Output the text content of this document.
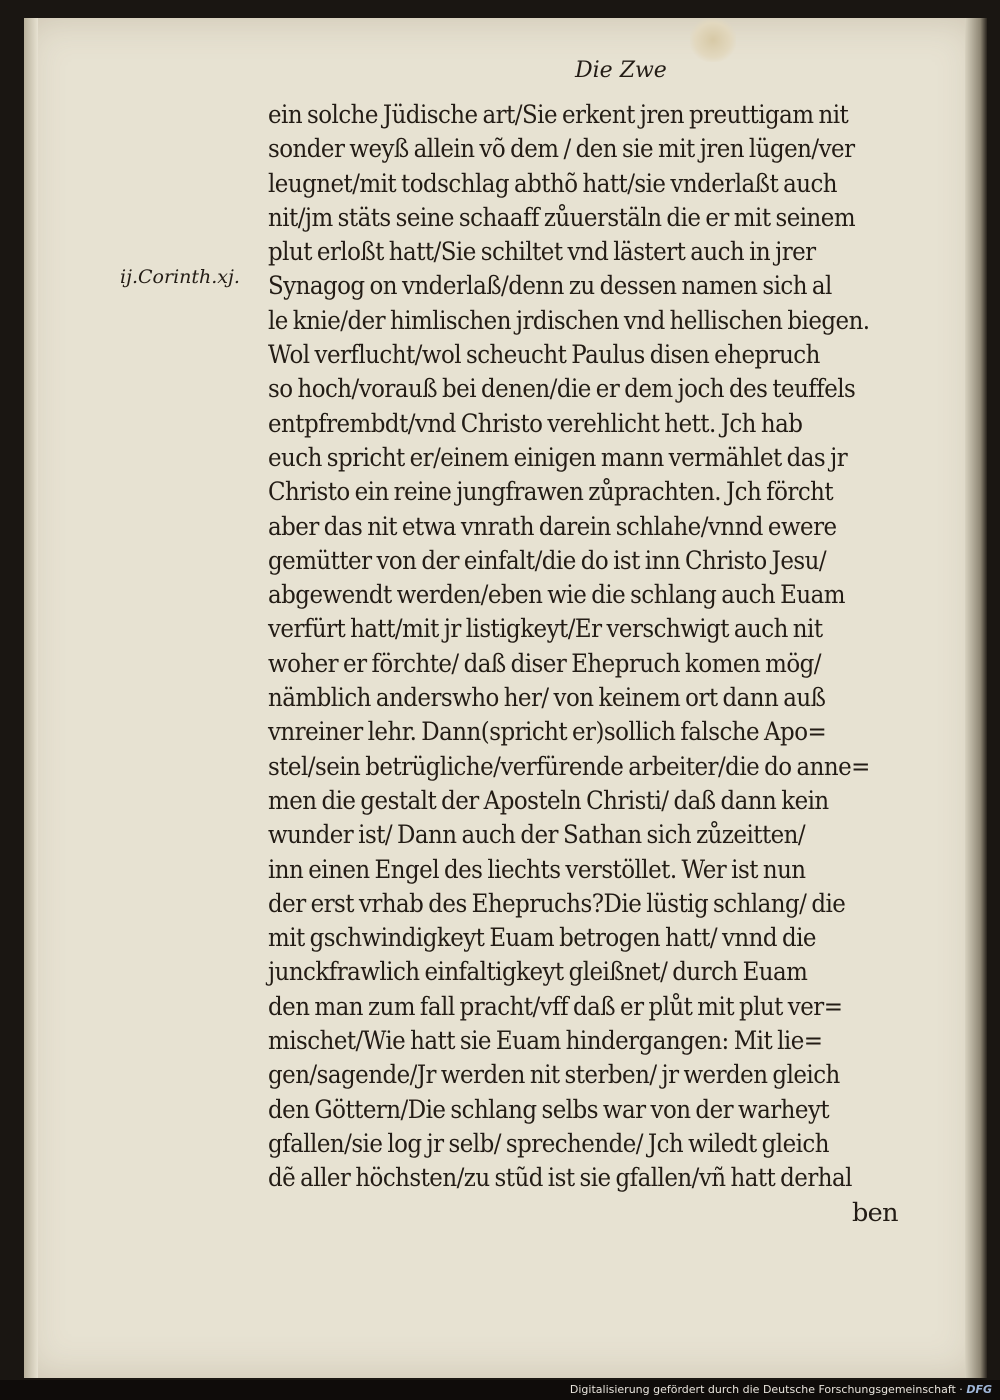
Die Zwe
ij.Corinth.xj.
ein solche Jüdische art/Sie erkent jren preuttigam nit
sonder weyß allein võ dem / den sie mit jren lügen/ver
leugnet/mit todschlag abthõ hatt/sie vnderlaßt auch
nit/jm stäts seine schaaff zůuerstäln die er mit seinem
plut erloßt hatt/Sie schiltet vnd lästert auch in jrer
Synagog on vnderlaß/denn zu dessen namen sich al
le knie/der himlischen jrdischen vnd hellischen biegen.
Wol verflucht/wol scheucht Paulus disen ehepruch
so hoch/vorauß bei denen/die er dem joch des teuffels
entpfrembdt/vnd Christo verehlicht hett. Jch hab
euch spricht er/einem einigen mann vermählet das jr
Christo ein reine jungfrawen zůprachten. Jch förcht
aber das nit etwa vnrath darein schlahe/vnnd ewere
gemütter von der einfalt/die do ist inn Christo Jesu/
abgewendt werden/eben wie die schlang auch Euam
verfürt hatt/mit jr listigkeyt/Er verschwigt auch nit
woher er förchte/ daß diser Ehepruch komen mög/
nämblich anderswho her/ von keinem ort dann auß
vnreiner lehr. Dann(spricht er)sollich falsche Apo=
stel/sein betrügliche/verfürende arbeiter/die do anne=
men die gestalt der Aposteln Christi/ daß dann kein
wunder ist/ Dann auch der Sathan sich zůzeitten/
inn einen Engel des liechts verstöllet. Wer ist nun
der erst vrhab des Ehepruchs?Die lüstig schlang/ die
mit gschwindigkeyt Euam betrogen hatt/ vnnd die
junckfrawlich einfaltigkeyt gleißnet/ durch Euam
den man zum fall pracht/vff daß er plůt mit plut ver=
mischet/Wie hatt sie Euam hindergangen: Mit lie=
gen/sagende/Jr werden nit sterben/ jr werden gleich
den Göttern/Die schlang selbs war von der warheyt
gfallen/sie log jr selb/ sprechende/ Jch wiledt gleich
dẽ aller höchsten/zu stũd ist sie gfallen/vñ hatt derhal
ben
Digitalisierung gefördert durch die Deutsche Forschungsgemeinschaft · DFG
